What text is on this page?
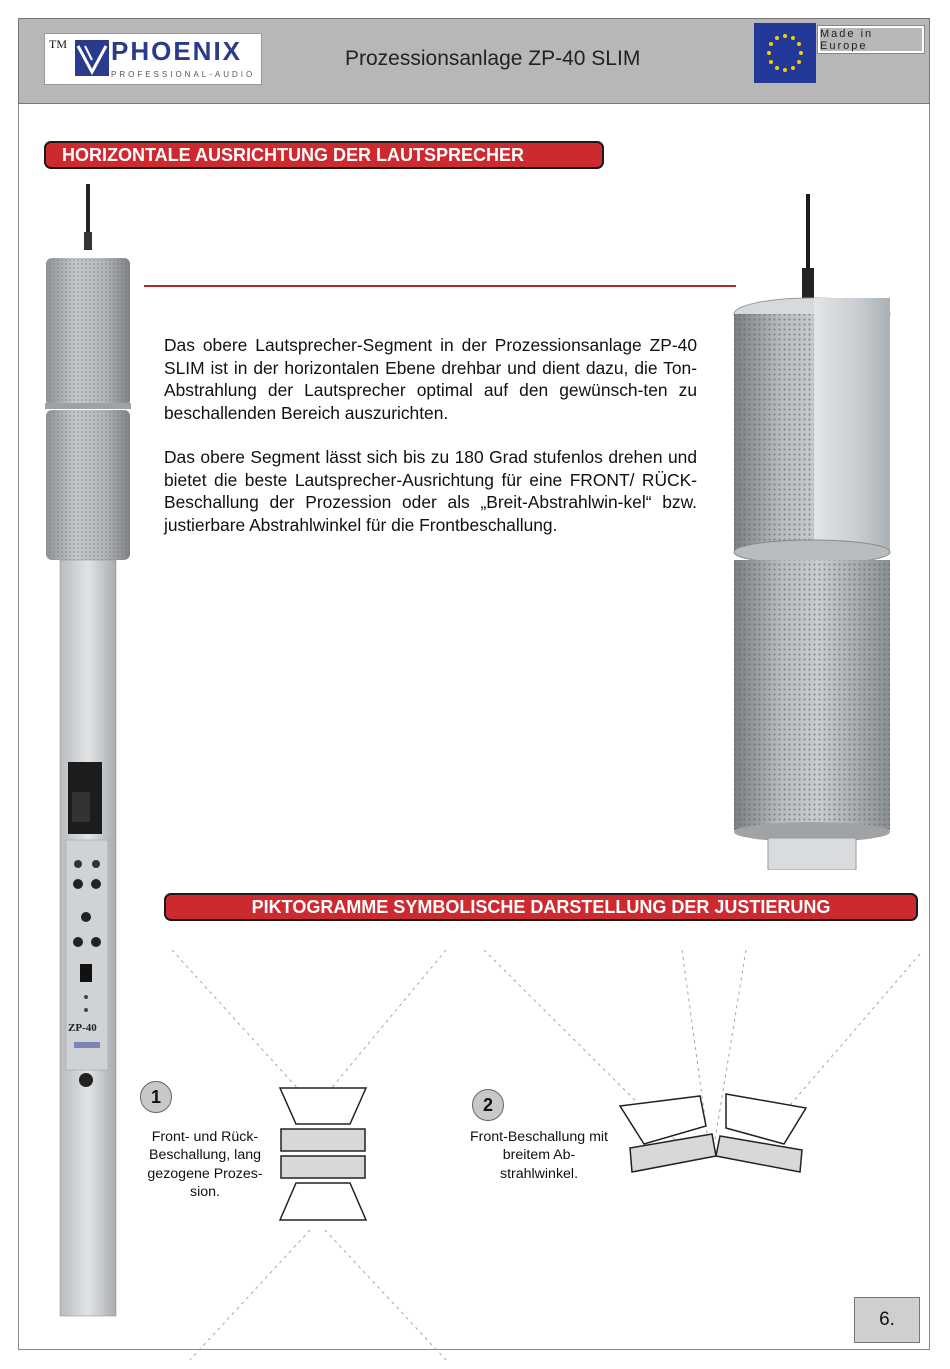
TM PHOENIX
PROFESSIONAL-AUDIO
Prozessionsanlage ZP-40 SLIM
Made in Europe
HORIZONTALE AUSRICHTUNG DER LAUTSPRECHER
Das obere Lautsprecher-Segment in der Prozessionsanlage ZP-40 SLIM ist in der horizontalen Ebene drehbar und dient dazu, die Ton- Abstrahlung der Lautsprecher optimal auf den gewünsch-ten zu beschallenden Bereich auszurichten.
Das obere Segment lässt sich bis zu 180 Grad stufenlos drehen und bietet die beste Lautsprecher-Ausrichtung für eine FRONT/ RÜCK-Beschallung der Prozession oder als „Breit-Abstrahlwin-kel“ bzw. justierbare Abstrahlwinkel für die Frontbeschallung.
ZP-40
PIKTOGRAMME SYMBOLISCHE DARSTELLUNG DER JUSTIERUNG
1
Front- und Rück-Beschallung, lang gezogene Prozes-sion.
2
Front-Beschallung mit breitem Ab-strahlwinkel.
6.
